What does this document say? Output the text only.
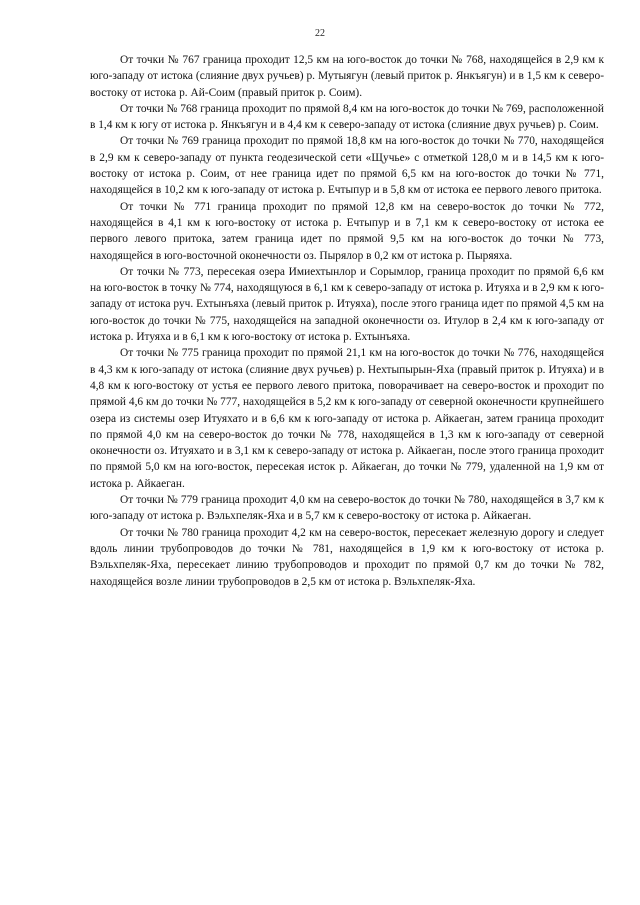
22

От точки № 767 граница проходит 12,5 км на юго-восток до точки № 768, находящейся в 2,9 км к юго-западу от истока (слияние двух ручьев) р. Мутыягун (левый приток р. Янкъягун) и в 1,5 км к северо-востоку от истока р. Ай-Соим (правый приток р. Соим).

От точки № 768 граница проходит по прямой 8,4 км на юго-восток до точки № 769, расположенной в 1,4 км к югу от истока р. Янкъягун и в 4,4 км к северо-западу от истока (слияние двух ручьев) р. Соим.

От точки № 769 граница проходит по прямой 18,8 км на юго-восток до точки № 770, находящейся в 2,9 км к северо-западу от пункта геодезической сети «Щучье» с отметкой 128,0 м и в 14,5 км к юго-востоку от истока р. Соим, от нее граница идет по прямой 6,5 км на юго-восток до точки № 771, находящейся в 10,2 км к юго-западу от истока р. Ечтыпур и в 5,8 км от истока ее первого левого притока.

От точки № 771 граница проходит по прямой 12,8 км на северо-восток до точки № 772, находящейся в 4,1 км к юго-востоку от истока р. Ечтыпур и в 7,1 км к северо-востоку от истока ее первого левого притока, затем граница идет по прямой 9,5 км на юго-восток до точки № 773, находящейся в юго-восточной оконечности оз. Пырялор в 0,2 км от истока р. Пыряяха.

От точки № 773, пересекая озера Имиехтынлор и Сорымлор, граница проходит по прямой 6,6 км на юго-восток в точку № 774, находящуюся в 6,1 км к северо-западу от истока р. Итуяха и в 2,9 км к юго-западу от истока руч. Ехтынъяха (левый приток р. Итуяха), после этого граница идет по прямой 4,5 км на юго-восток до точки № 775, находящейся на западной оконечности оз. Итулор в 2,4 км к юго-западу от истока р. Итуяха и в 6,1 км к юго-востоку от истока р. Ехтынъяха.

От точки № 775 граница проходит по прямой 21,1 км на юго-восток до точки № 776, находящейся в 4,3 км к юго-западу от истока (слияние двух ручьев) р. Нехтыпырын-Яха (правый приток р. Итуяха) и в 4,8 км к юго-востоку от устья ее первого левого притока, поворачивает на северо-восток и проходит по прямой 4,6 км до точки № 777, находящейся в 5,2 км к юго-западу от северной оконечности крупнейшего озера из системы озер Итуяхато и в 6,6 км к юго-западу от истока р. Айкаеган, затем граница проходит по прямой 4,0 км на северо-восток до точки № 778, находящейся в 1,3 км к юго-западу от северной оконечности оз. Итуяхато и в 3,1 км к северо-западу от истока р. Айкаеган, после этого граница проходит по прямой 5,0 км на юго-восток, пересекая исток р. Айкаеган, до точки № 779, удаленной на 1,9 км от истока р. Айкаеган.

От точки № 779 граница проходит 4,0 км на северо-восток до точки № 780, находящейся в 3,7 км к юго-западу от истока р. Вэльхпеляк-Яха и в 5,7 км к северо-востоку от истока р. Айкаеган.

От точки № 780 граница проходит 4,2 км на северо-восток, пересекает железную дорогу и следует вдоль линии трубопроводов до точки № 781, находящейся в 1,9 км к юго-востоку от истока р. Вэльхпеляк-Яха, пересекает линию трубопроводов и проходит по прямой 0,7 км до точки № 782, находящейся возле линии трубопроводов в 2,5 км от истока р. Вэльхпеляк-Яха.
